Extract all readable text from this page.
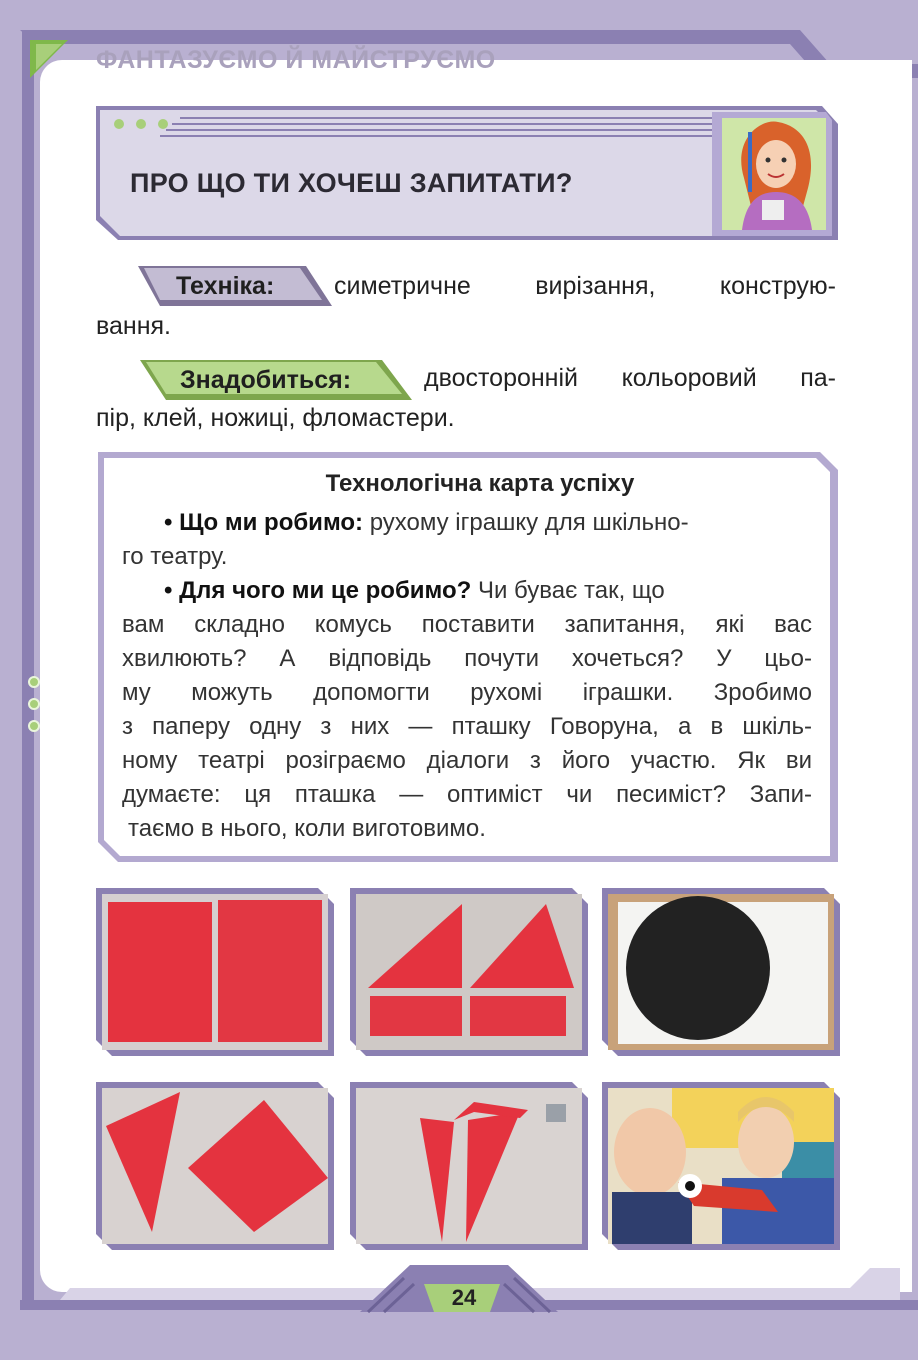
ФАНТАЗУЄМО Й МАЙСТРУЄМО
ПРО ЩО ТИ ХОЧЕШ ЗАПИТАТИ?
Техніка: симетричне	вирізання,	конструю-
вання.
Знадобиться:	двосторонній кольоровий па-
пір, клей, ножиці, фломастери.
Технологічна карта успіху
• Що ми робимо: рухому іграшку для шкільно-
го театру.
• Для чого ми це робимо? Чи буває так, що
вам складно комусь поставити запитання, які вас
хвилюють? А відповідь почути хочеться? У цьо-
му можуть допомогти рухомі іграшки. Зробимо
з паперу одну з них — пташку Говоруна, а в шкіль-
ному театрі розіграємо діалоги з його участю. Як ви
думаєте: ця пташка — оптиміст чи песиміст? Запи-
таємо в нього, коли виготовимо.
24
